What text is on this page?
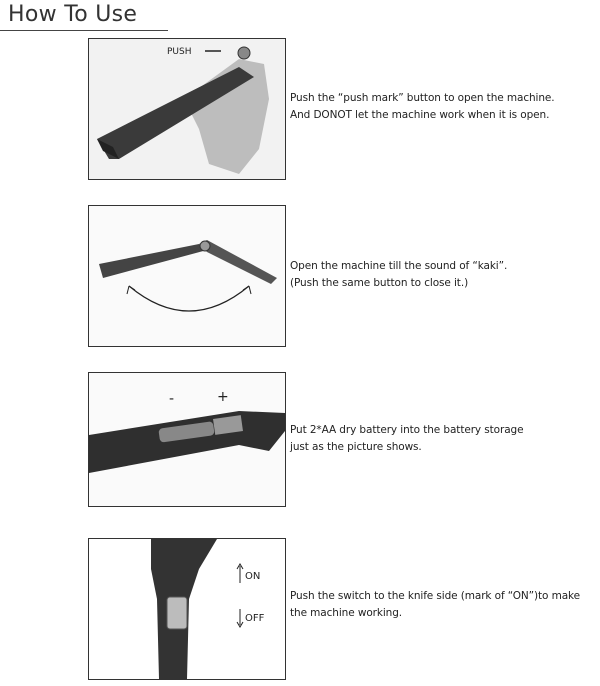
How To Use
PUSH
Push the “push mark” button to open the machine.
And DONOT let the machine work when it is open.
Open the machine till the sound of “kaki”.
(Push the same button to close it.)
-	+
Put 2*AA dry battery into the battery storage
just as the picture shows.
ON
OFF
Push the switch to the knife side (mark of “ON”)to make
the machine working.
